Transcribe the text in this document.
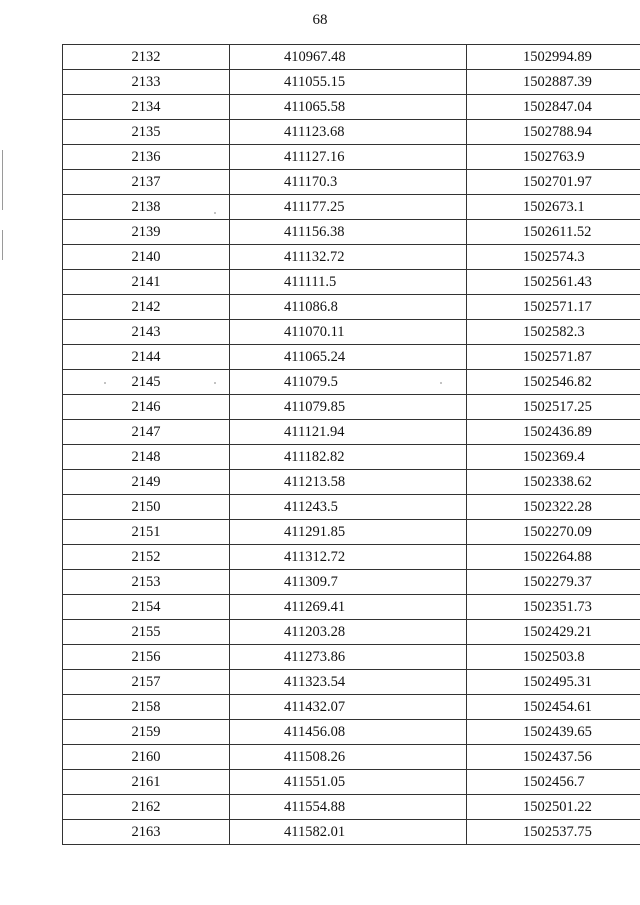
68
2132	410967.48	1502994.89
2133	411055.15	1502887.39
2134	411065.58	1502847.04
2135	411123.68	1502788.94
2136	411127.16	1502763.9
2137	411170.3	1502701.97
2138	411177.25	1502673.1
2139	411156.38	1502611.52
2140	411132.72	1502574.3
2141	411111.5	1502561.43
2142	411086.8	1502571.17
2143	411070.11	1502582.3
2144	411065.24	1502571.87
2145	411079.5	1502546.82
2146	411079.85	1502517.25
2147	411121.94	1502436.89
2148	411182.82	1502369.4
2149	411213.58	1502338.62
2150	411243.5	1502322.28
2151	411291.85	1502270.09
2152	411312.72	1502264.88
2153	411309.7	1502279.37
2154	411269.41	1502351.73
2155	411203.28	1502429.21
2156	411273.86	1502503.8
2157	411323.54	1502495.31
2158	411432.07	1502454.61
2159	411456.08	1502439.65
2160	411508.26	1502437.56
2161	411551.05	1502456.7
2162	411554.88	1502501.22
2163	411582.01	1502537.75
